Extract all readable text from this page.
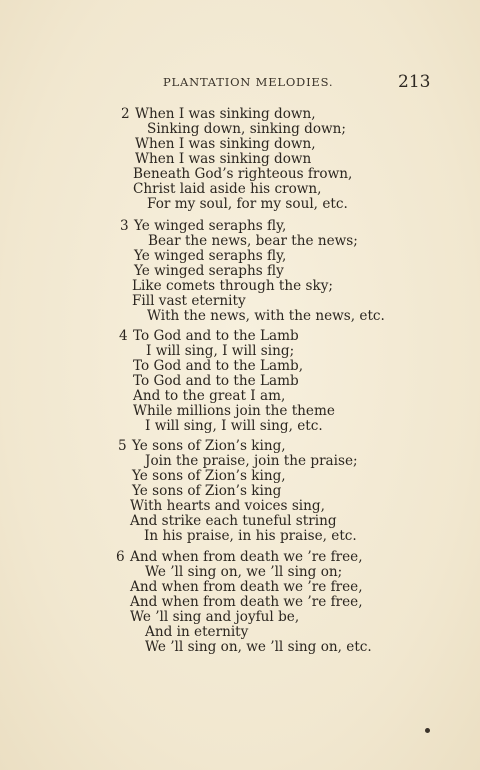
PLANTATION MELODIES.	213
2 When I was sinking down,
Sinking down, sinking down;
When I was sinking down,
When I was sinking down
Beneath God’s righteous frown,
Christ laid aside his crown,
For my soul, for my soul, etc.
3 Ye winged seraphs fly,
Bear the news, bear the news;
Ye winged seraphs fly,
Ye winged seraphs fly
Like comets through the sky;
Fill vast eternity
With the news, with the news, etc.
4 To God and to the Lamb
I will sing, I will sing;
To God and to the Lamb,
To God and to the Lamb
And to the great I am,
While millions join the theme
I will sing, I will sing, etc.
5 Ye sons of Zion’s king,
Join the praise, join the praise;
Ye sons of Zion’s king,
Ye sons of Zion’s king
With hearts and voices sing,
And strike each tuneful string
In his praise, in his praise, etc.
6 And when from death we ’re free,
We ’ll sing on, we ’ll sing on;
And when from death we ’re free,
And when from death we ’re free,
We ’ll sing and joyful be,
And in eternity
We ’ll sing on, we ’ll sing on, etc.
